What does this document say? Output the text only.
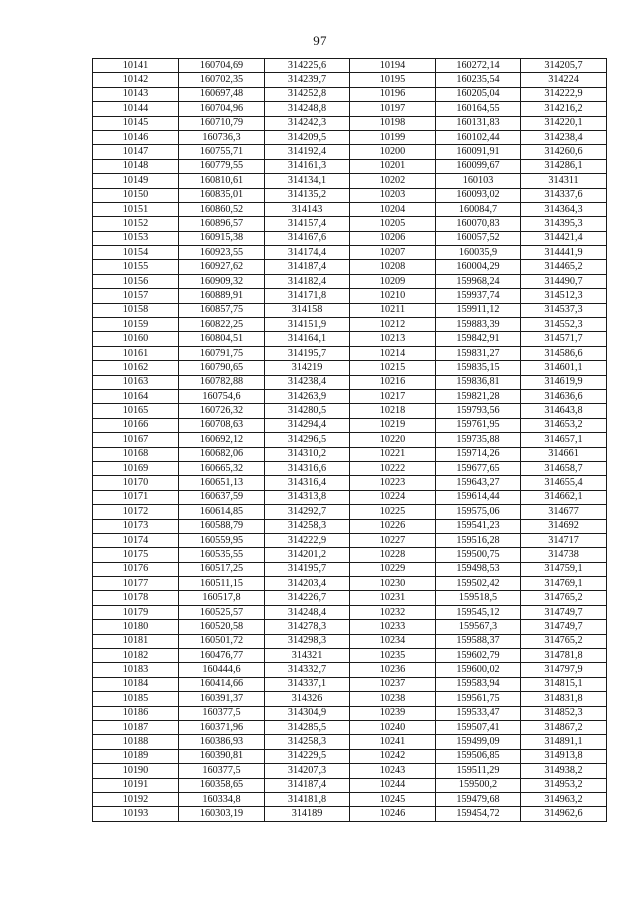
97
10141	160704,69	314225,6	10194	160272,14	314205,7
10142	160702,35	314239,7	10195	160235,54	314224
10143	160697,48	314252,8	10196	160205,04	314222,9
10144	160704,96	314248,8	10197	160164,55	314216,2
10145	160710,79	314242,3	10198	160131,83	314220,1
10146	160736,3	314209,5	10199	160102,44	314238,4
10147	160755,71	314192,4	10200	160091,91	314260,6
10148	160779,55	314161,3	10201	160099,67	314286,1
10149	160810,61	314134,1	10202	160103	314311
10150	160835,01	314135,2	10203	160093,02	314337,6
10151	160860,52	314143	10204	160084,7	314364,3
10152	160896,57	314157,4	10205	160070,83	314395,3
10153	160915,38	314167,6	10206	160057,52	314421,4
10154	160923,55	314174,4	10207	160035,9	314441,9
10155	160927,62	314187,4	10208	160004,29	314465,2
10156	160909,32	314182,4	10209	159968,24	314490,7
10157	160889,91	314171,8	10210	159937,74	314512,3
10158	160857,75	314158	10211	159911,12	314537,3
10159	160822,25	314151,9	10212	159883,39	314552,3
10160	160804,51	314164,1	10213	159842,91	314571,7
10161	160791,75	314195,7	10214	159831,27	314586,6
10162	160790,65	314219	10215	159835,15	314601,1
10163	160782,88	314238,4	10216	159836,81	314619,9
10164	160754,6	314263,9	10217	159821,28	314636,6
10165	160726,32	314280,5	10218	159793,56	314643,8
10166	160708,63	314294,4	10219	159761,95	314653,2
10167	160692,12	314296,5	10220	159735,88	314657,1
10168	160682,06	314310,2	10221	159714,26	314661
10169	160665,32	314316,6	10222	159677,65	314658,7
10170	160651,13	314316,4	10223	159643,27	314655,4
10171	160637,59	314313,8	10224	159614,44	314662,1
10172	160614,85	314292,7	10225	159575,06	314677
10173	160588,79	314258,3	10226	159541,23	314692
10174	160559,95	314222,9	10227	159516,28	314717
10175	160535,55	314201,2	10228	159500,75	314738
10176	160517,25	314195,7	10229	159498,53	314759,1
10177	160511,15	314203,4	10230	159502,42	314769,1
10178	160517,8	314226,7	10231	159518,5	314765,2
10179	160525,57	314248,4	10232	159545,12	314749,7
10180	160520,58	314278,3	10233	159567,3	314749,7
10181	160501,72	314298,3	10234	159588,37	314765,2
10182	160476,77	314321	10235	159602,79	314781,8
10183	160444,6	314332,7	10236	159600,02	314797,9
10184	160414,66	314337,1	10237	159583,94	314815,1
10185	160391,37	314326	10238	159561,75	314831,8
10186	160377,5	314304,9	10239	159533,47	314852,3
10187	160371,96	314285,5	10240	159507,41	314867,2
10188	160386,93	314258,3	10241	159499,09	314891,1
10189	160390,81	314229,5	10242	159506,85	314913,8
10190	160377,5	314207,3	10243	159511,29	314938,2
10191	160358,65	314187,4	10244	159500,2	314953,2
10192	160334,8	314181,8	10245	159479,68	314963,2
10193	160303,19	314189	10246	159454,72	314962,6
